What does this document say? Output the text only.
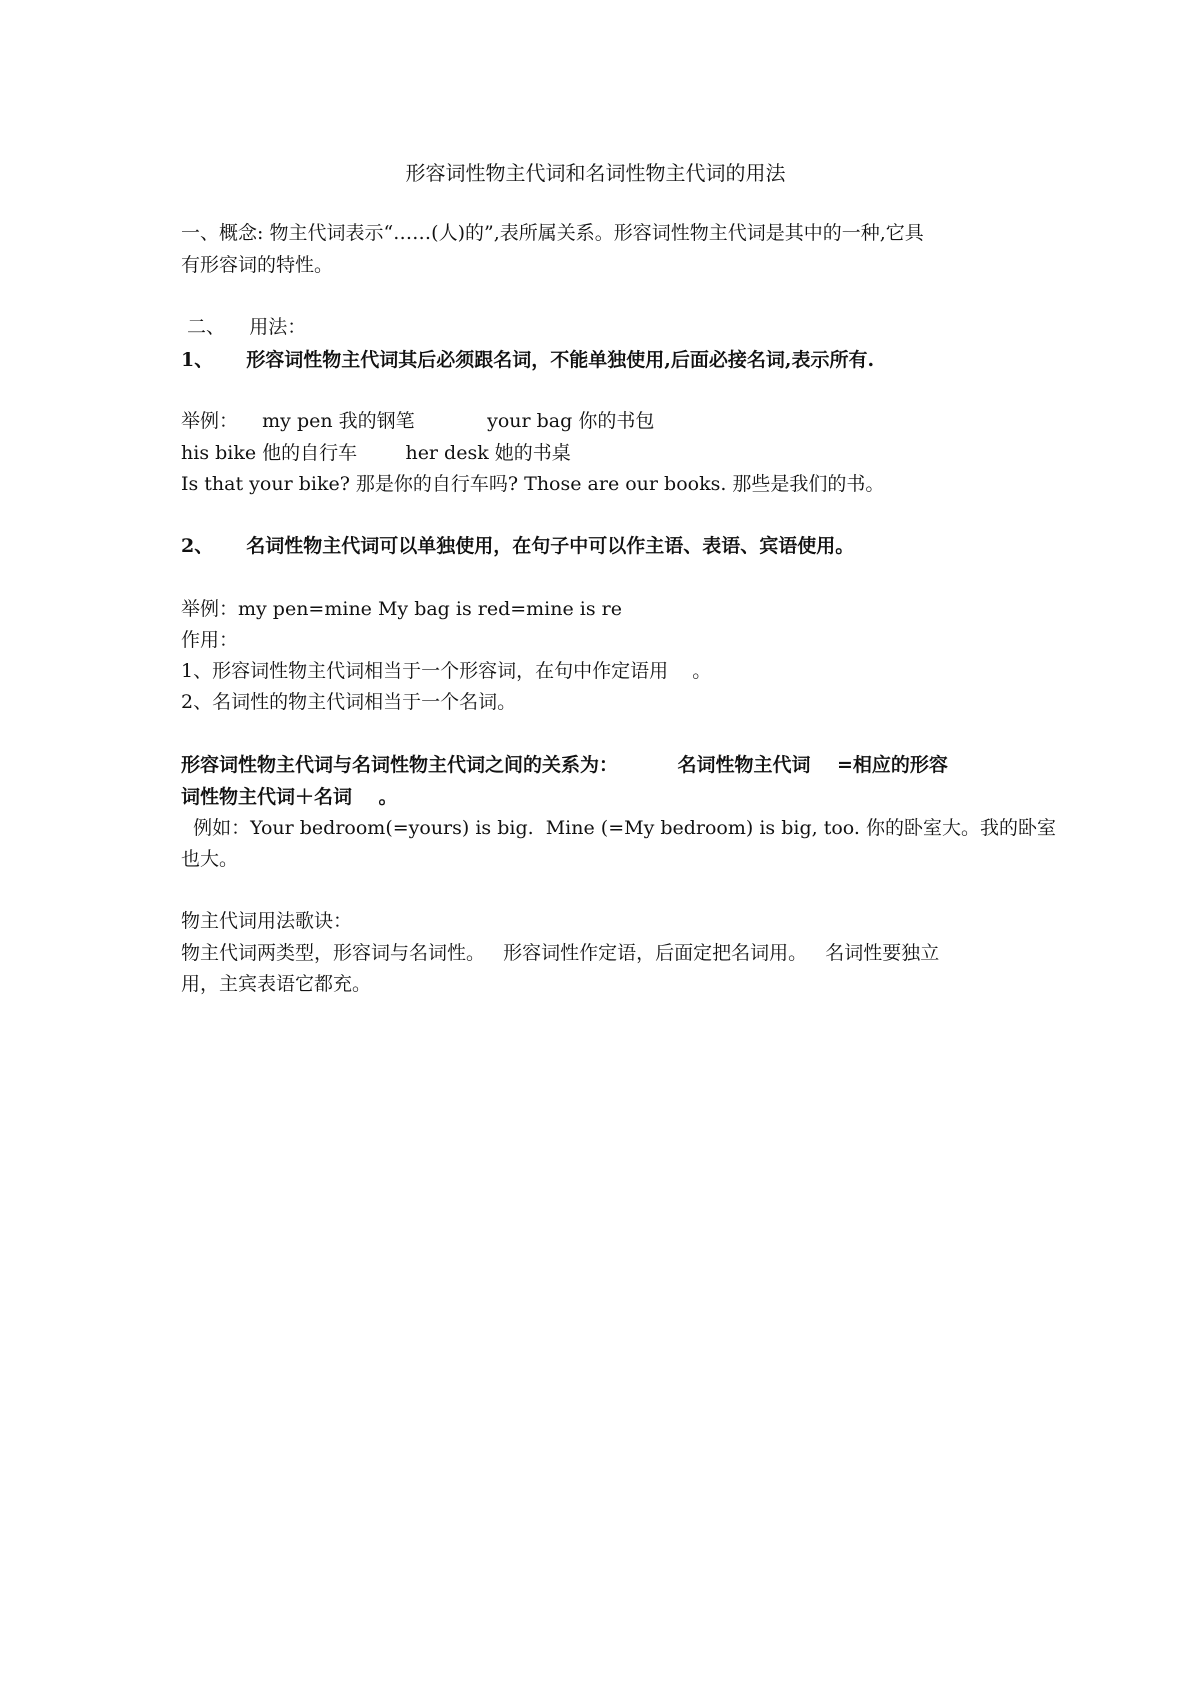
形容词性物主代词和名词性物主代词的用法
一、概念: 物主代词表示“……(人)的”,表所属关系。形容词性物主代词是其中的一种,它具
有形容词的特性。
二、    用法：
1、     形容词性物主代词其后必须跟名词，不能单独使用,后面必接名词,表示所有.
举例：    my pen 我的钢笔            your bag 你的书包
his bike 他的自行车        her desk 她的书桌
Is that your bike? 那是你的自行车吗? Those are our books. 那些是我们的书。
2、     名词性物主代词可以单独使用，在句子中可以作主语、表语、宾语使用。
举例：my pen=mine My bag is red=mine is re
作用：
1、形容词性物主代词相当于一个形容词，在句中作定语用    。
2、名词性的物主代词相当于一个名词。
形容词性物主代词与名词性物主代词之间的关系为：         名词性物主代词    =相应的形容
词性物主代词＋名词    。
例如：Your bedroom(=yours) is big.  Mine (=My bedroom) is big, too. 你的卧室大。我的卧室
也大。
物主代词用法歌诀：
物主代词两类型，形容词与名词性。   形容词性作定语，后面定把名词用。   名词性要独立
用，主宾表语它都充。
